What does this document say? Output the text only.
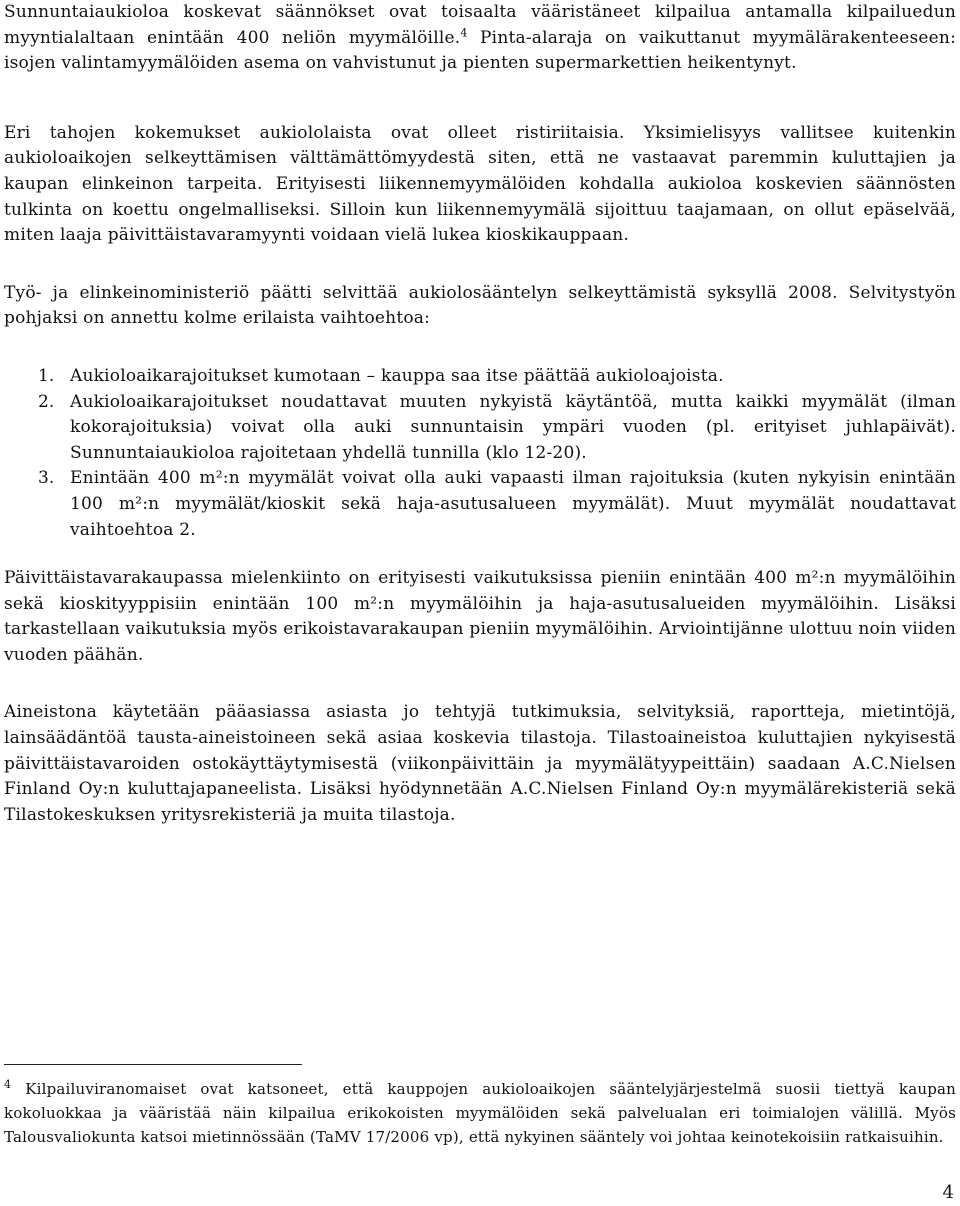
Sunnuntaiaukioloa koskevat säännökset ovat toisaalta vääristäneet kilpailua antamalla kilpailuedun myyntialaltaan enintään 400 neliön myymälöille.$^4$ Pinta-alaraja on vaikuttanut myymälärakenteeseen: isojen valintamyymälöiden asema on vahvistunut ja pienten supermarkettien heikentynyt.

Eri tahojen kokemukset aukiololaista ovat olleet ristiriitaisia. Yksimielisyys vallitsee kuitenkin aukioloaikojen selkeyttämisen välttämättömyydestä siten, että ne vastaavat paremmin kuluttajien ja kaupan elinkeinon tarpeita. Erityisesti liikennemyymälöiden kohdalla aukioloa koskevien säännösten tulkinta on koettu ongelmalliseksi. Silloin kun liikennemyymälä sijoittuu taajamaan, on ollut epäselvää, miten laaja päivittäistavaramyynti voidaan vielä lukea kioskikauppaan.

Työ- ja elinkeinoministeriö päätti selvittää aukiolosääntelyn selkeyttämistä syksyllä 2008. Selvitystyön pohjaksi on annettu kolme erilaista vaihtoehtoa:

1. Aukioloaikarajoitukset kumotaan – kauppa saa itse päättää aukioloajoista.
2. Aukioloaikarajoitukset noudattavat muuten nykyistä käytäntöä, mutta kaikki myymälät (ilman kokorajoituksia) voivat olla auki sunnuntaisin ympäri vuoden (pl. erityiset juhlapäivät). Sunnuntaiaukioloa rajoitetaan yhdellä tunnilla (klo 12-20).
3. Enintään 400 m²:n myymälät voivat olla auki vapaasti ilman rajoituksia (kuten nykyisin enintään 100 m²:n myymälät/kioskit sekä haja-asutusalueen myymälät). Muut myymälät noudattavat vaihtoehtoa 2.

Päivittäistavarakaupassa mielenkiinto on erityisesti vaikutuksissa pieniin enintään 400 m²:n myymälöihin sekä kioskityyppisiin enintään 100 m²:n myymälöihin ja haja-asutusalueiden myymälöihin. Lisäksi tarkastellaan vaikutuksia myös erikoistavarakaupan pieniin myymälöihin. Arviointijänne ulottuu noin viiden vuoden päähän.

Aineistona käytetään pääasiassa asiasta jo tehtyjä tutkimuksia, selvityksiä, raportteja, mietintöjä, lainsäädäntöä tausta-aineistoineen sekä asiaa koskevia tilastoja. Tilastoaineistoa kuluttajien nykyisestä päivittäistavaroiden ostokäyttäytymisestä (viikonpäivittäin ja myymälätyypeittäin) saadaan A.C.Nielsen Finland Oy:n kuluttajapaneelista. Lisäksi hyödynnetään A.C.Nielsen Finland Oy:n myymälärekisteriä sekä Tilastokeskuksen yritysrekisteriä ja muita tilastoja.

$^4$ Kilpailuviranomaiset ovat katsoneet, että kauppojen aukioloaikojen sääntelyjärjestelmä suosii tiettyä kaupan kokoluokkaa ja vääristää näin kilpailua erikokoisten myymälöiden sekä palvelualan eri toimialojen välillä. Myös Talousvaliokunta katsoi mietinnössään (TaMV 17/2006 vp), että nykyinen sääntely voi johtaa keinotekoisiin ratkaisuihin.
4
